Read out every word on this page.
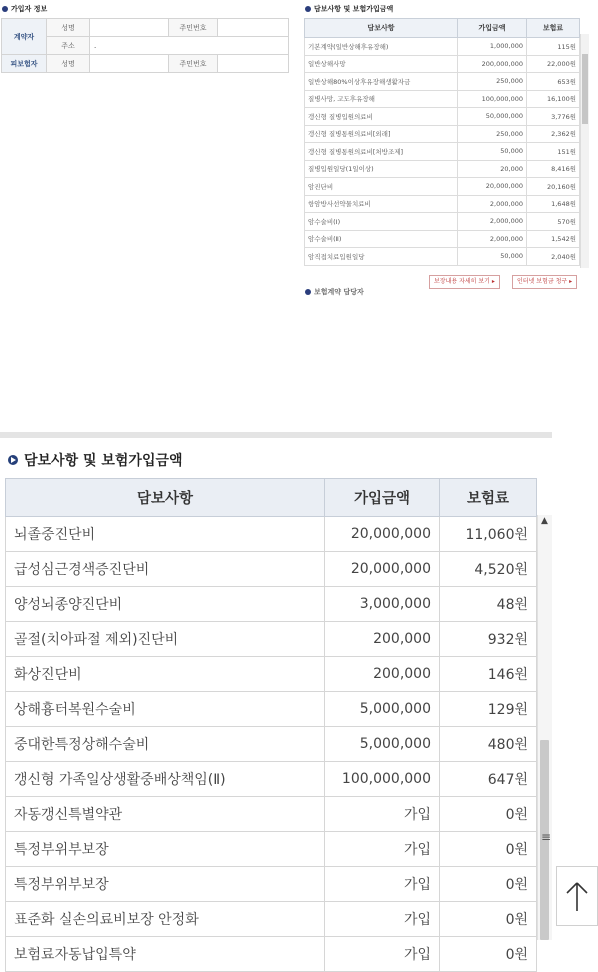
가입자 정보
계약자	성명		주민번호	
	주소	.		
피보험자	성명		주민번호	
담보사항 및 보험가입금액
담보사항	가입금액	보험료
기본계약(일반상해후유장해)	1,000,000	115원
일반상해사망	200,000,000	22,000원
일반상해80%이상후유장해생활자금	250,000	653원
질병사망, 고도후유장해	100,000,000	16,100원
갱신형 질병입원의료비	50,000,000	3,776원
갱신형 질병통원의료비[외래]	250,000	2,362원
갱신형 질병통원의료비[처방조제]	50,000	151원
질병입원일당(1일이상)	20,000	8,416원
암진단비	20,000,000	20,160원
항암방사선약물치료비	2,000,000	1,648원
암수술비(Ⅰ)	2,000,000	570원
암수술비(Ⅱ)	2,000,000	1,542원
암직접치료입원일당	50,000	2,040원
보장내용 자세히 보기 ▸	인터넷 보험금 청구 ▸
보험계약 담당자
담보사항 및 보험가입금액
담보사항	가입금액	보험료
뇌졸중진단비	20,000,000	11,060원
급성심근경색증진단비	20,000,000	4,520원
양성뇌종양진단비	3,000,000	48원
골절(치아파절 제외)진단비	200,000	932원
화상진단비	200,000	146원
상해흉터복원수술비	5,000,000	129원
중대한특정상해수술비	5,000,000	480원
갱신형 가족일상생활중배상책임(Ⅱ)	100,000,000	647원
자동갱신특별약관	가입	0원
특정부위부보장	가입	0원
특정부위부보장	가입	0원
표준화 실손의료비보장 안정화	가입	0원
보험료자동납입특약	가입	0원
▲
≡
